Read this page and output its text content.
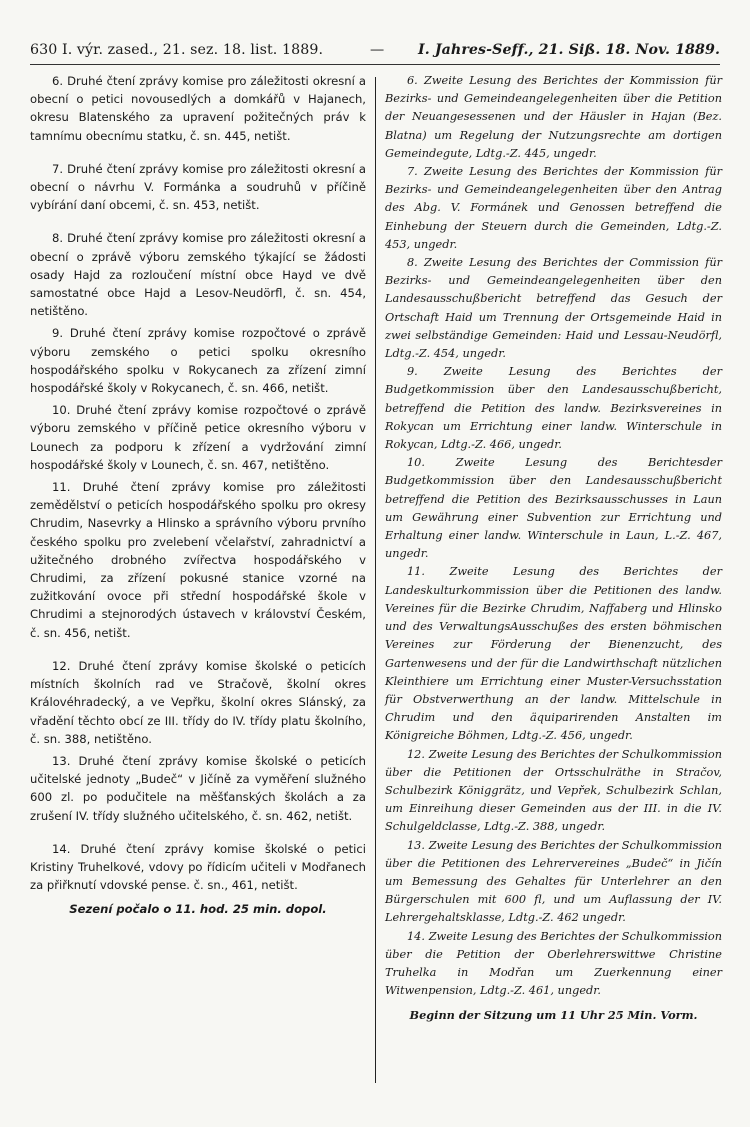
630 I. výr. zased., 21. sez. 18. list. 1889.	— I. Jahres-Seff., 21. Siß. 18. Nov. 1889.

6. Druhé čtení zprávy komise pro záležitosti okresní a obecní o petici novousedlých a domkářů v Hajanech, okresu Blatenského za upravení požitečných práv k tamnímu obecnímu statku, č. sn. 445, netišt.

7. Druhé čtení zprávy komise pro záležitosti okresní a obecní o návrhu V. Formánka a soudruhů v příčině vybírání daní obcemi, č. sn. 453, netišt.

8. Druhé čtení zprávy komise pro záležitosti okresní a obecní o zprávě výboru zemského týkající se žádosti osady Hajd za rozloučení místní obce Hayd ve dvě samostatné obce Hajd a Lesov-Neudörfl, č. sn. 454, netištěno.

9. Druhé čtení zprávy komise rozpočtové o zprávě výboru zemského o petici spolku okresního hospodářského spolku v Rokycanech za zřízení zimní hospodářské školy v Rokycanech, č. sn. 466, netišt.

10. Druhé čtení zprávy komise rozpočtové o zprávě výboru zemského v příčině petice okresního výboru v Lounech za podporu k zřízení a vydržování zimní hospodářské školy v Lounech, č. sn. 467, netištěno.

11. Druhé čtení zprávy komise pro záležitosti zemědělství o peticích hospodářského spolku pro okresy Chrudim, Nasevrky a Hlinsko a správního výboru prvního českého spolku pro zvelebení včelařství, zahradnictví a užitečného drobného zvířectva hospodářského v Chrudimi, za zřízení pokusné stanice vzorné na zužitkování ovoce při střední hospodářské škole v Chrudimi a stejnorodých ústavech v království Českém, č. sn. 456, netišt.

12. Druhé čtení zprávy komise školské o peticích místních školních rad ve Stračově, školní okres Královéhradecký, a ve Vepřku, školní okres Slánský, za vřadění těchto obcí ze III. třídy do IV. třídy platu školního, č. sn. 388, netištěno.

13. Druhé čtení zprávy komise školské o peticích učitelské jednoty „Budeč“ v Jičíně za vyměření služného 600 zl. po podučitele na měšťanských školách a za zrušení IV. třídy služného učitelského, č. sn. 462, netišt.

14. Druhé čtení zprávy komise školské o petici Kristiny Truhelkové, vdovy po řídicím učiteli v Modřanech za přiřknutí vdovské pense. č. sn., 461, netišt.

Sezení počalo o 11. hod. 25 min. dopol.

6. Zweite Lesung des Berichtes der Kommission für Bezirks- und Gemeindeangelegenheiten über die Petition der Neuangesessenen und der Häusler in Hajan (Bez. Blatna) um Regelung der Nutzungsrechte am dortigen Gemeindegute, Ldtg.-Z. 445, ungedr.

7. Zweite Lesung des Berichtes der Kommission für Bezirks- und Gemeindeangelegenheiten über den Antrag des Abg. V. Formánek und Genossen betreffend die Einhebung der Steuern durch die Gemeinden, Ldtg.-Z. 453, ungedr.

8. Zweite Lesung des Berichtes der Commission für Bezirks- und Gemeindeangelegenheiten über den Landesausschußbericht betreffend das Gesuch der Ortschaft Haid um Trennung der Ortsgemeinde Haid in zwei selbständige Gemeinden: Haid und Lessau-Neudörfl, Ldtg.-Z. 454, ungedr.

9. Zweite Lesung des Berichtes der Budgetkommission über den Landesausschußbericht, betreffend die Petition des landw. Bezirksvereines in Rokycan um Errichtung einer landw. Winterschule in Rokycan, Ldtg.-Z. 466, ungedr.

10. Zweite Lesung des Berichtesder Budgetkommission über den Landesausschußbericht betreffend die Petition des Bezirksausschusses in Laun um Gewährung einer Subvention zur Errichtung und Erhaltung einer landw. Winterschule in Laun, L.-Z. 467, ungedr.

11. Zweite Lesung des Berichtes der Landeskulturkommission über die Petitionen des landw. Vereines für die Bezirke Chrudim, Naffaberg und Hlinsko und des VerwaltungsAusschußes des ersten böhmischen Vereines zur Förderung der Bienenzucht, des Gartenwesens und der für die Landwirthschaft nützlichen Kleinthiere um Errichtung einer Muster-Versuchsstation für Obstverwerthung an der landw. Mittelschule in Chrudim und den äquiparirenden Anstalten im Königreiche Böhmen, Ldtg.-Z. 456, ungedr.

12. Zweite Lesung des Berichtes der Schulkommission über die Petitionen der Ortsschulräthe in Stračov, Schulbezirk Königgrätz, und Vepřek, Schulbezirk Schlan, um Einreihung dieser Gemeinden aus der III. in die IV. Schulgeldclasse, Ldtg.-Z. 388, ungedr.

13. Zweite Lesung des Berichtes der Schulkommission über die Petitionen des Lehrervereines „Budeč“ in Jičín um Bemessung des Gehaltes für Unterlehrer an den Bürgerschulen mit 600 fl, und um Auflassung der IV. Lehrergehaltsklasse, Ldtg.-Z. 462 ungedr.

14. Zweite Lesung des Berichtes der Schulkommission über die Petition der Oberlehrerswittwe Christine Truhelka in Modřan um Zuerkennung einer Witwenpension, Ldtg.-Z. 461, ungedr.

Beginn der Sitzung um 11 Uhr 25 Min. Vorm.
